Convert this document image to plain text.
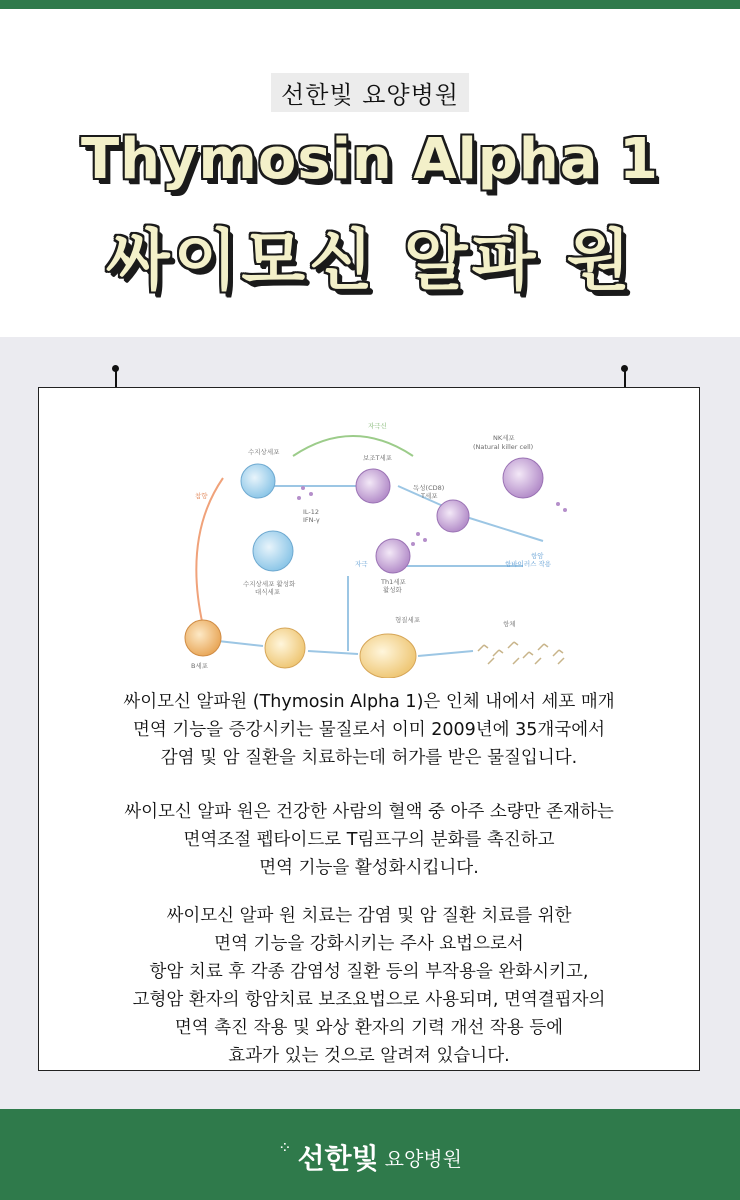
선한빛 요양병원
Thymosin Alpha 1
싸이모신 알파 원
자극신
수지상세포
보조T세포
NK세포
(Natural killer cell)
독성(CD8)
T세포
IL-12
IFN-γ
자극
Th1세포
활성화
항암
항바이러스 작용
수지상세포 활성화
대식세포
참향
B세포
형질세포	항체
싸이모신 알파원 (Thymosin Alpha 1)은 인체 내에서 세포 매개
면역 기능을 증강시키는 물질로서 이미 2009년에 35개국에서
감염 및 암 질환을 치료하는데 허가를 받은 물질입니다.
싸이모신 알파 원은 건강한 사람의 혈액 중 아주 소량만 존재하는
면역조절 펩타이드로 T림프구의 분화를 촉진하고
면역 기능을 활성화시킵니다.
싸이모신 알파 원 치료는 감염 및 암 질환 치료를 위한
면역 기능을 강화시키는 주사 요법으로서
항암 치료 후 각종 감염성 질환 등의 부작용을 완화시키고,
고형암 환자의 항암치료 보조요법으로 사용되며, 면역결핍자의
면역 촉진 작용 및 와상 환자의 기력 개선 작용 등에
효과가 있는 것으로 알려져 있습니다.
⁘ 선한빛 요양병원
